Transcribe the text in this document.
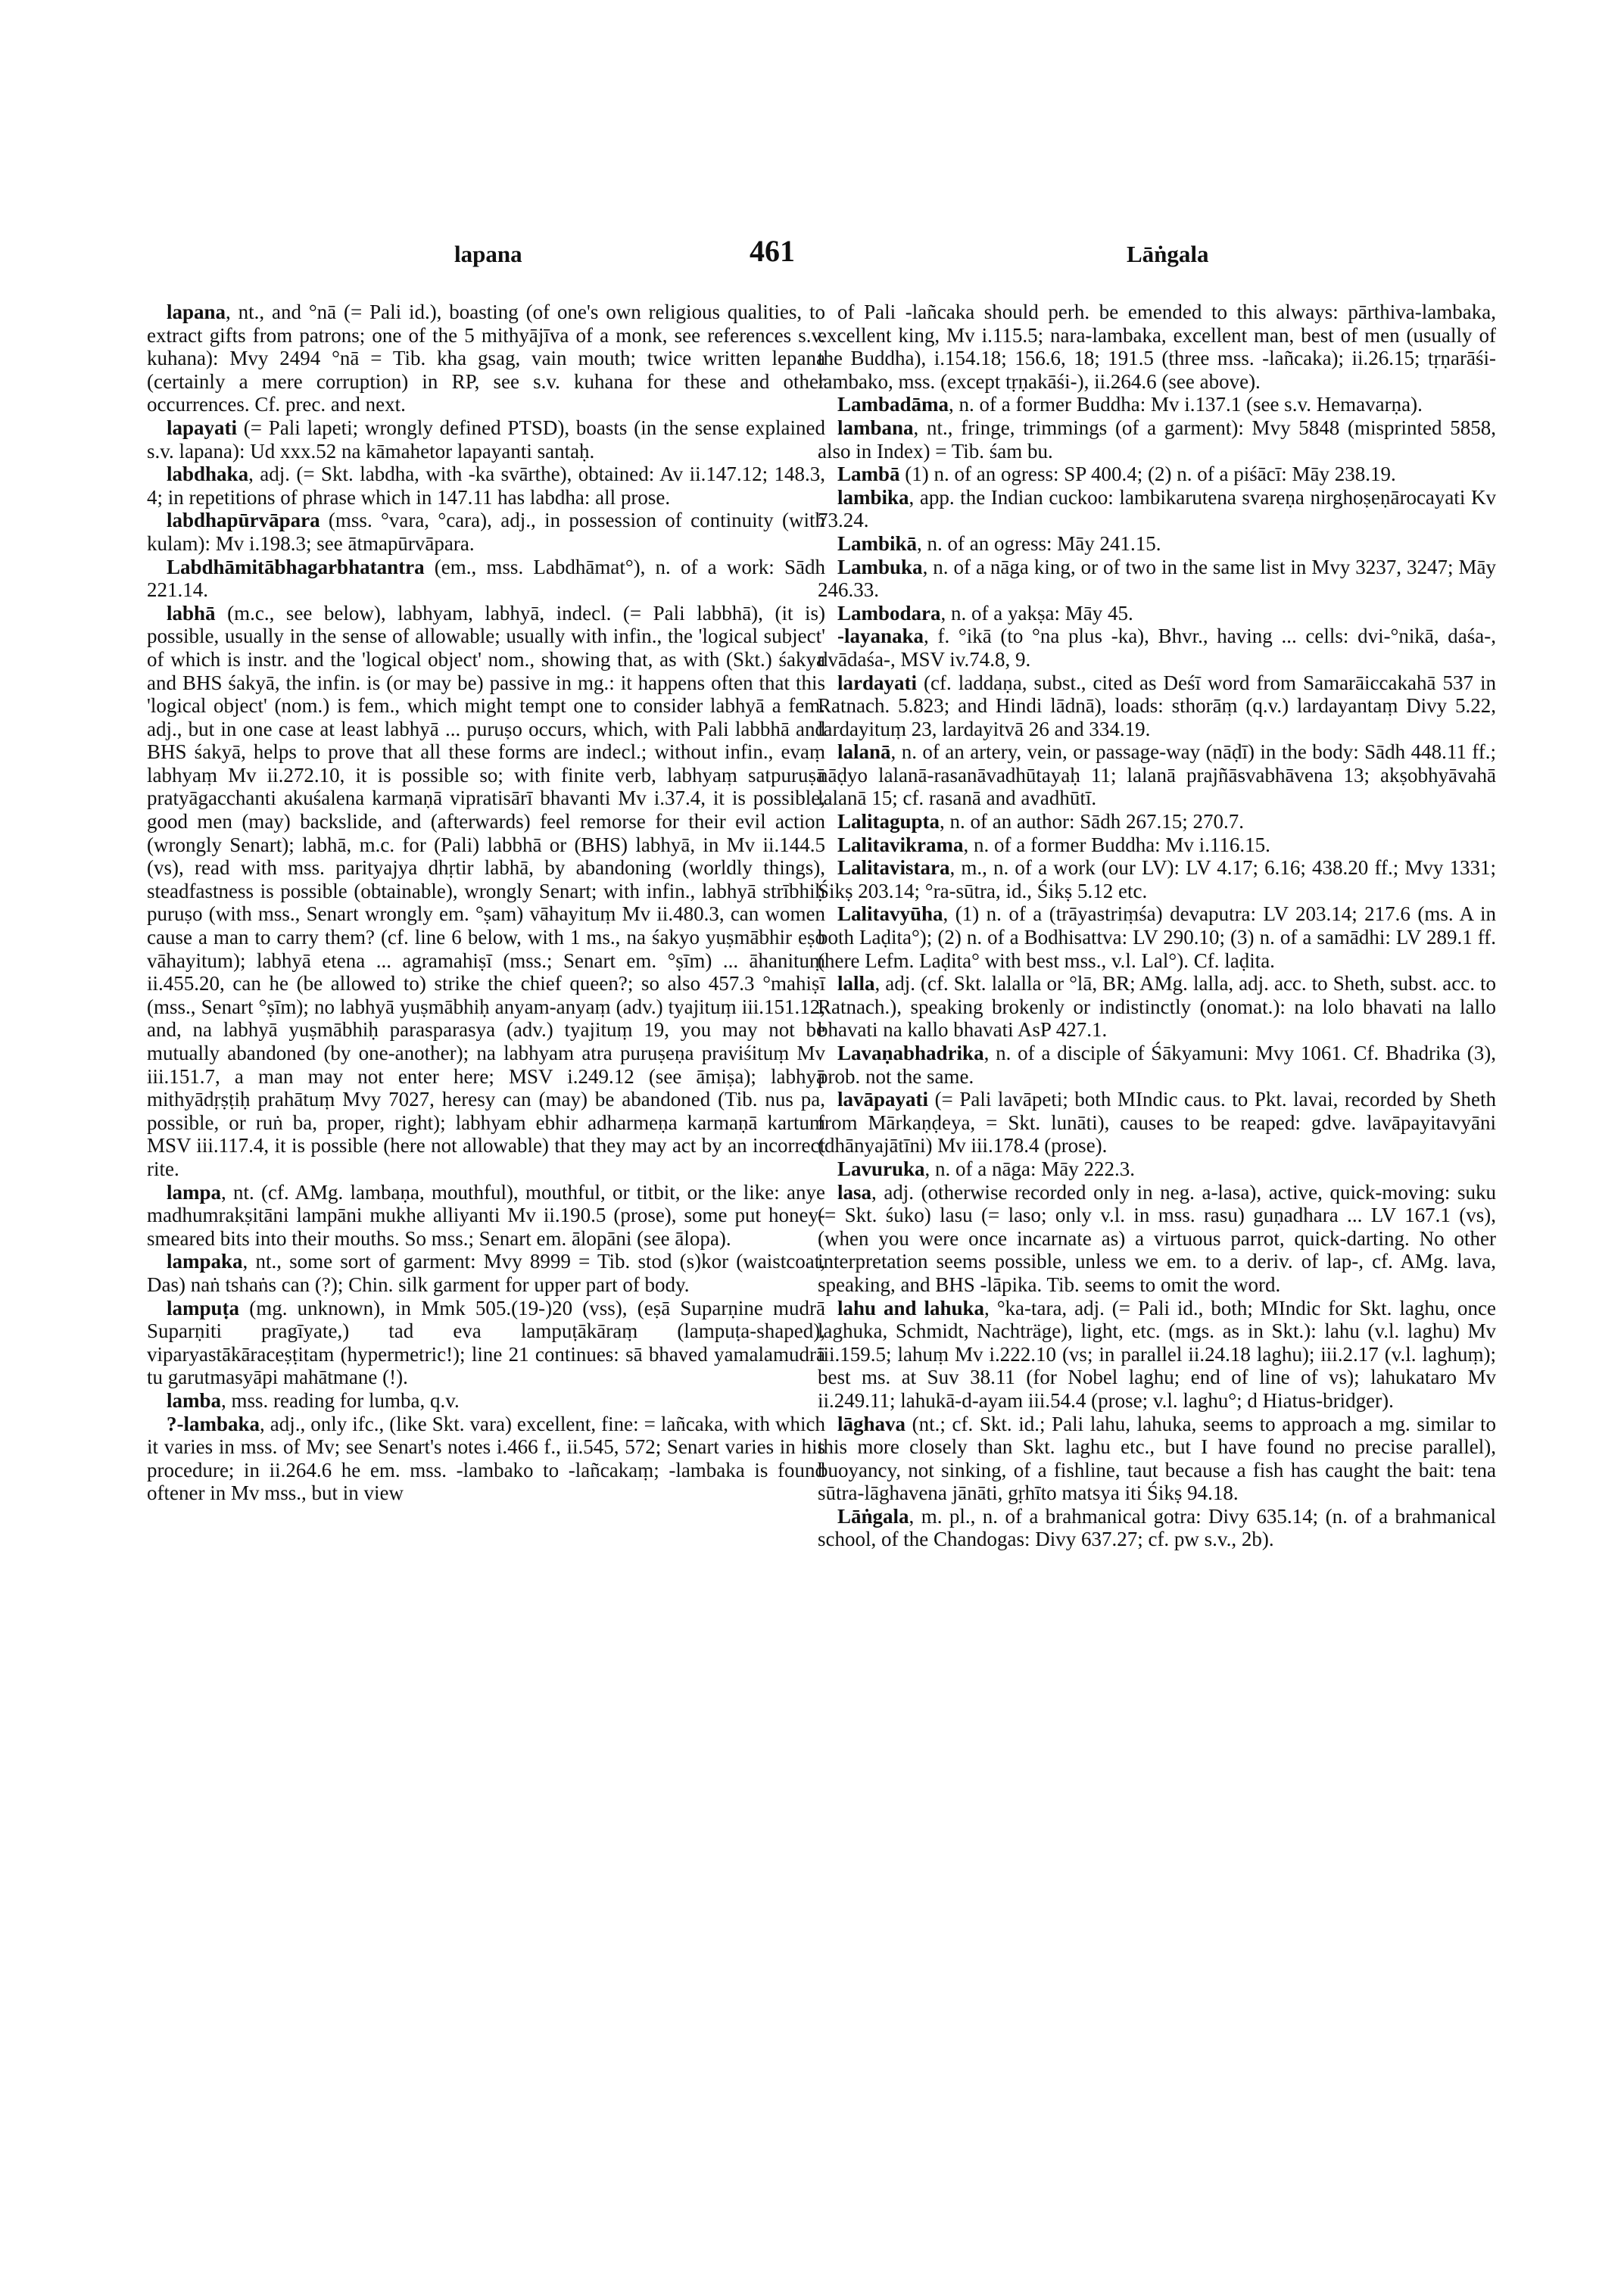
lapana	461	Lāṅgala

lapana, nt., and °nā (= Pali id.), boasting (of one's own religious qualities, to extract gifts from patrons; one of the 5 mithyājīva of a monk, see references s.v. kuhana): Mvy 2494 °nā = Tib. kha gsag, vain mouth; twice written lepana (certainly a mere corruption) in RP, see s.v. kuhana for these and other occurrences. Cf. prec. and next.

lapayati (= Pali lapeti; wrongly defined PTSD), boasts (in the sense explained s.v. lapana): Ud xxx.52 na kāmahetor lapayanti santaḥ.

labdhaka, adj. (= Skt. labdha, with -ka svārthe), obtained: Av ii.147.12; 148.3, 4; in repetitions of phrase which in 147.11 has labdha: all prose.

labdhapūrvāpara (mss. °vara, °cara), adj., in possession of continuity (with kulam): Mv i.198.3; see ātmapūrvāpara.

Labdhāmitābhagarbhatantra (em., mss. Labdhāmat°), n. of a work: Sādh 221.14.

labhā (m.c., see below), labhyam, labhyā, indecl. (= Pali labbhā), (it is) possible, usually in the sense of allowable; usually with infin., the 'logical subject' of which is instr. and the 'logical object' nom., showing that, as with (Skt.) śakya and BHS śakyā, the infin. is (or may be) passive in mg.: it happens often that this 'logical object' (nom.) is fem., which might tempt one to consider labhyā a fem. adj., but in one case at least labhyā ... puruṣo occurs, which, with Pali labbhā and BHS śakyā, helps to prove that all these forms are indecl.; without infin., evaṃ labhyaṃ Mv ii.272.10, it is possible so; with finite verb, labhyaṃ satpuruṣā pratyāgacchanti akuśalena karmaṇā vipratisārī bhavanti Mv i.37.4, it is possible, good men (may) backslide, and (afterwards) feel remorse for their evil action (wrongly Senart); labhā, m.c. for (Pali) labbhā or (BHS) labhyā, in Mv ii.144.5 (vs), read with mss. parityajya dhṛtir labhā, by abandoning (worldly things), steadfastness is possible (obtainable), wrongly Senart; with infin., labhyā strībhiḥ puruṣo (with mss., Senart wrongly em. °ṣam) vāhayituṃ Mv ii.480.3, can women cause a man to carry them? (cf. line 6 below, with 1 ms., na śakyo yuṣmābhir eṣo vāhayitum); labhyā etena ... agramahiṣī (mss.; Senart em. °ṣīm) ... āhanituṃ ii.455.20, can he (be allowed to) strike the chief queen?; so also 457.3 °mahiṣī (mss., Senart °ṣīm); no labhyā yuṣmābhiḥ anyam-anyaṃ (adv.) tyajituṃ iii.151.12, and, na labhyā yuṣmābhiḥ parasparasya (adv.) tyajituṃ 19, you may not be mutually abandoned (by one-another); na labhyam atra puruṣeṇa praviśituṃ Mv iii.151.7, a man may not enter here; MSV i.249.12 (see āmiṣa); labhyā mithyādṛṣṭiḥ prahātuṃ Mvy 7027, heresy can (may) be abandoned (Tib. nus pa, possible, or ruṅ ba, proper, right); labhyam ebhir adharmeṇa karmaṇā kartum MSV iii.117.4, it is possible (here not allowable) that they may act by an incorrect rite.

lampa, nt. (cf. AMg. lambaṇa, mouthful), mouthful, or titbit, or the like: anye madhumrakṣitāni lampāni mukhe alliyanti Mv ii.190.5 (prose), some put honey-smeared bits into their mouths. So mss.; Senart em. ālopāni (see ālopa).

lampaka, nt., some sort of garment: Mvy 8999 = Tib. stod (s)kor (waistcoat, Das) naṅ tshaṅs can (?); Chin. silk garment for upper part of body.

lampuṭa (mg. unknown), in Mmk 505.(19-)20 (vss), (eṣā Suparṇine mudrā Suparṇiti pragīyate,) tad eva lampuṭākāraṃ (lampuṭa-shaped), viparyastākāraceṣṭitam (hypermetric!); line 21 continues: sā bhaved yamalamudrā tu garutmasyāpi mahātmane (!).

lamba, mss. reading for lumba, q.v.

?-lambaka, adj., only ifc., (like Skt. vara) excellent, fine: = lañcaka, with which it varies in mss. of Mv; see Senart's notes i.466 f., ii.545, 572; Senart varies in his procedure; in ii.264.6 he em. mss. -lambako to -lañcakaṃ; -lambaka is found oftener in Mv mss., but in view

of Pali -lañcaka should perh. be emended to this always: pārthiva-lambaka, excellent king, Mv i.115.5; nara-lambaka, excellent man, best of men (usually of the Buddha), i.154.18; 156.6, 18; 191.5 (three mss. -lañcaka); ii.26.15; tṛṇarāśi-lambako, mss. (except tṛṇakāśi-), ii.264.6 (see above).

Lambadāma, n. of a former Buddha: Mv i.137.1 (see s.v. Hemavarṇa).

lambana, nt., fringe, trimmings (of a garment): Mvy 5848 (misprinted 5858, also in Index) = Tib. śam bu.

Lambā (1) n. of an ogress: SP 400.4; (2) n. of a piśācī: Māy 238.19.

lambika, app. the Indian cuckoo: lambikarutena svareṇa nirghoṣeṇārocayati Kv 73.24.

Lambikā, n. of an ogress: Māy 241.15.

Lambuka, n. of a nāga king, or of two in the same list in Mvy 3237, 3247; Māy 246.33.

Lambodara, n. of a yakṣa: Māy 45.

-layanaka, f. °ikā (to °na plus -ka), Bhvr., having ... cells: dvi-°nikā, daśa-, dvādaśa-, MSV iv.74.8, 9.

lardayati (cf. laddaṇa, subst., cited as Deśī word from Samarāiccakahā 537 in Ratnach. 5.823; and Hindi lādnā), loads: sthorāṃ (q.v.) lardayantaṃ Divy 5.22, lardayituṃ 23, lardayitvā 26 and 334.19.

lalanā, n. of an artery, vein, or passage-way (nāḍī) in the body: Sādh 448.11 ff.; nāḍyo lalanā-rasanāvadhūtayaḥ 11; lalanā prajñāsvabhāvena 13; akṣobhyāvahā lalanā 15; cf. rasanā and avadhūtī.

Lalitagupta, n. of an author: Sādh 267.15; 270.7.

Lalitavikrama, n. of a former Buddha: Mv i.116.15.

Lalitavistara, m., n. of a work (our LV): LV 4.17; 6.16; 438.20 ff.; Mvy 1331; Śikṣ 203.14; °ra-sūtra, id., Śikṣ 5.12 etc.

Lalitavyūha, (1) n. of a (trāyastriṃśa) devaputra: LV 203.14; 217.6 (ms. A in both Laḍita°); (2) n. of a Bodhisattva: LV 290.10; (3) n. of a samādhi: LV 289.1 ff. (here Lefm. Laḍita° with best mss., v.l. Lal°). Cf. laḍita.

lalla, adj. (cf. Skt. lalalla or °lā, BR; AMg. lalla, adj. acc. to Sheth, subst. acc. to Ratnach.), speaking brokenly or indistinctly (onomat.): na lolo bhavati na lallo bhavati na kallo bhavati AsP 427.1.

Lavaṇabhadrika, n. of a disciple of Śākyamuni: Mvy 1061. Cf. Bhadrika (3), prob. not the same.

lavāpayati (= Pali lavāpeti; both MIndic caus. to Pkt. lavai, recorded by Sheth from Mārkaṇḍeya, = Skt. lunāti), causes to be reaped: gdve. lavāpayitavyāni (dhānyajātīni) Mv iii.178.4 (prose).

Lavuruka, n. of a nāga: Māy 222.3.

lasa, adj. (otherwise recorded only in neg. a-lasa), active, quick-moving: suku (= Skt. śuko) lasu (= laso; only v.l. in mss. rasu) guṇadhara ... LV 167.1 (vs), (when you were once incarnate as) a virtuous parrot, quick-darting. No other interpretation seems possible, unless we em. to a deriv. of lap-, cf. AMg. lava, speaking, and BHS -lāpika. Tib. seems to omit the word.

lahu and lahuka, °ka-tara, adj. (= Pali id., both; MIndic for Skt. laghu, once laghuka, Schmidt, Nachträge), light, etc. (mgs. as in Skt.): lahu (v.l. laghu) Mv iii.159.5; lahuṃ Mv i.222.10 (vs; in parallel ii.24.18 laghu); iii.2.17 (v.l. laghuṃ); best ms. at Suv 38.11 (for Nobel laghu; end of line of vs); lahukataro Mv ii.249.11; lahukā-d-ayam iii.54.4 (prose; v.l. laghu°; d Hiatus-bridger).

lāghava (nt.; cf. Skt. id.; Pali lahu, lahuka, seems to approach a mg. similar to this more closely than Skt. laghu etc., but I have found no precise parallel), buoyancy, not sinking, of a fishline, taut because a fish has caught the bait: tena sūtra-lāghavena jānāti, gṛhīto matsya iti Śikṣ 94.18.

Lāṅgala, m. pl., n. of a brahmanical gotra: Divy 635.14; (n. of a brahmanical school, of the Chandogas: Divy 637.27; cf. pw s.v., 2b).
